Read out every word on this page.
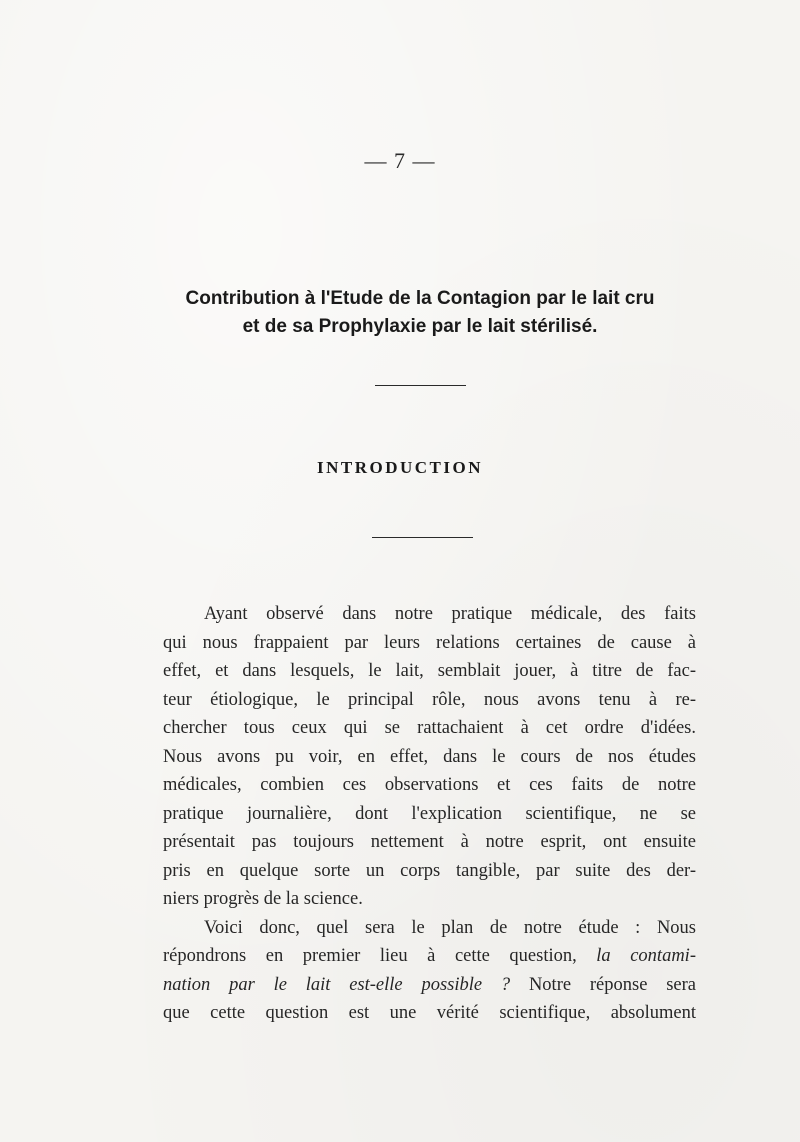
— 7 —
Contribution à l'Etude de la Contagion par le lait cru
et de sa Prophylaxie par le lait stérilisé.
INTRODUCTION
Ayant observé dans notre pratique médicale, des faits
qui nous frappaient par leurs relations certaines de cause à
effet, et dans lesquels, le lait, semblait jouer, à titre de fac-
teur étiologique, le principal rôle, nous avons tenu à re-
chercher tous ceux qui se rattachaient à cet ordre d'idées.
Nous avons pu voir, en effet, dans le cours de nos études
médicales, combien ces observations et ces faits de notre
pratique journalière, dont l'explication scientifique, ne se
présentait pas toujours nettement à notre esprit, ont ensuite
pris en quelque sorte un corps tangible, par suite des der-
niers progrès de la science.
Voici donc, quel sera le plan de notre étude : Nous
répondrons en premier lieu à cette question, la contami-
nation par le lait est-elle possible ? Notre réponse sera
que cette question est une vérité scientifique, absolument
